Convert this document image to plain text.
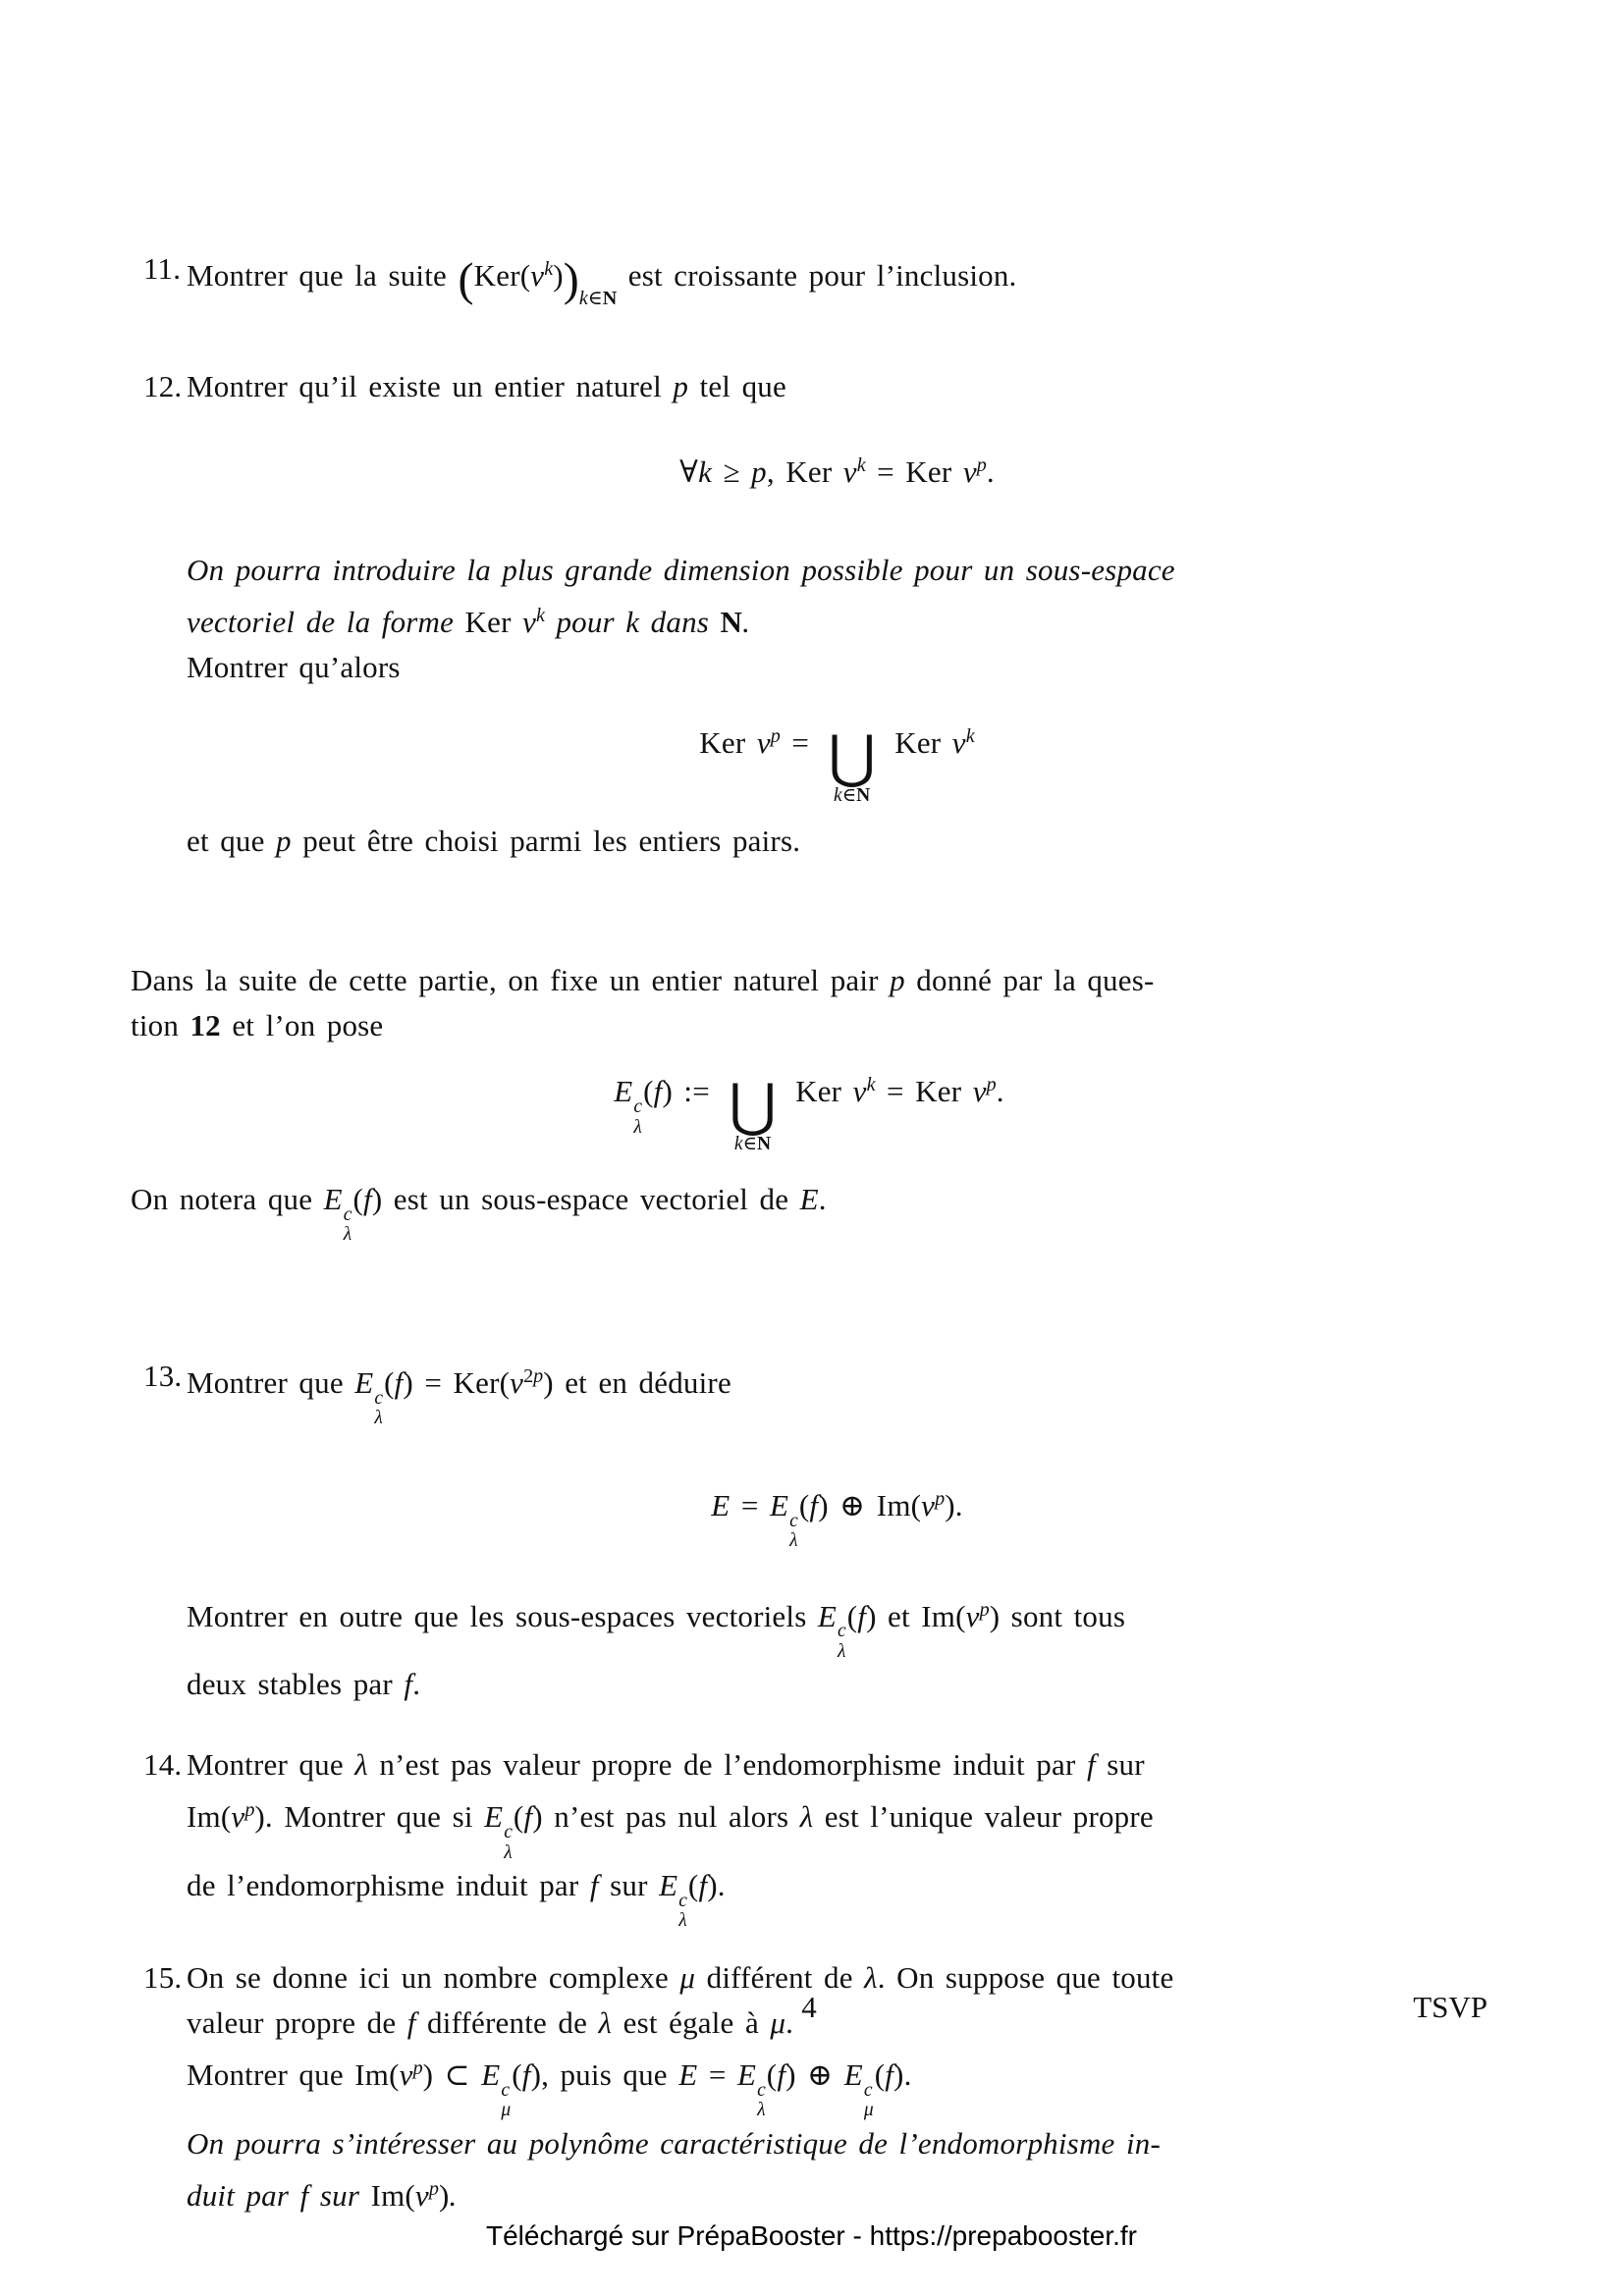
11. Montrer que la suite $(Ker(v^k))_{k\in N}$ est croissante pour l’inclusion.
12. Montrer qu’il existe un entier naturel p tel que
∀k ≥ p, Ker $v^k$ = Ker $v^p$.
On pourra introduire la plus grande dimension possible pour un sous-espace
vectoriel de la forme Ker $v^k$ pour k dans N.
Montrer qu’alors
Ker $v^p$ = ⋃
k∈N
Ker $v^k$
et que p peut être choisi parmi les entiers pairs.
Dans la suite de cette partie, on fixe un entier naturel pair p donné par la ques-
tion 12 et l’on pose
E c
λ
(f) := ⋃
k∈N
Ker $v^k$ = Ker $v^p$.
On notera que E c
λ
(f) est un sous-espace vectoriel de E.
13. Montrer que E c
λ
$(f) = Ker(v^{2p})$ et en déduire
E = E c
λ
(f) ⊕ $Im(v^p)$.
Montrer en outre que les sous-espaces vectoriels E c
λ
(f) et $Im(v^p)$ sont tous
deux stables par f.
14. Montrer que λ n’est pas valeur propre de l’endomorphisme induit par f sur
$Im(v^p)$. Montrer que si E c
λ
(f) n’est pas nul alors λ est l’unique valeur propre
de l’endomorphisme induit par f sur E c
λ
(f).
15. On se donne ici un nombre complexe μ différent de λ. On suppose que toute
valeur propre de f différente de λ est égale à μ.
Montrer que $Im(v^p)$ ⊂ E c
μ
(f), puis que E = E c
λ
(f) ⊕ E c
μ
(f).
On pourra s’intéresser au polynôme caractéristique de l’endomorphisme in-
duit par f sur $Im(v^p)$.
4	TSVP
Téléchargé sur PrépaBooster - https://prepabooster.fr
